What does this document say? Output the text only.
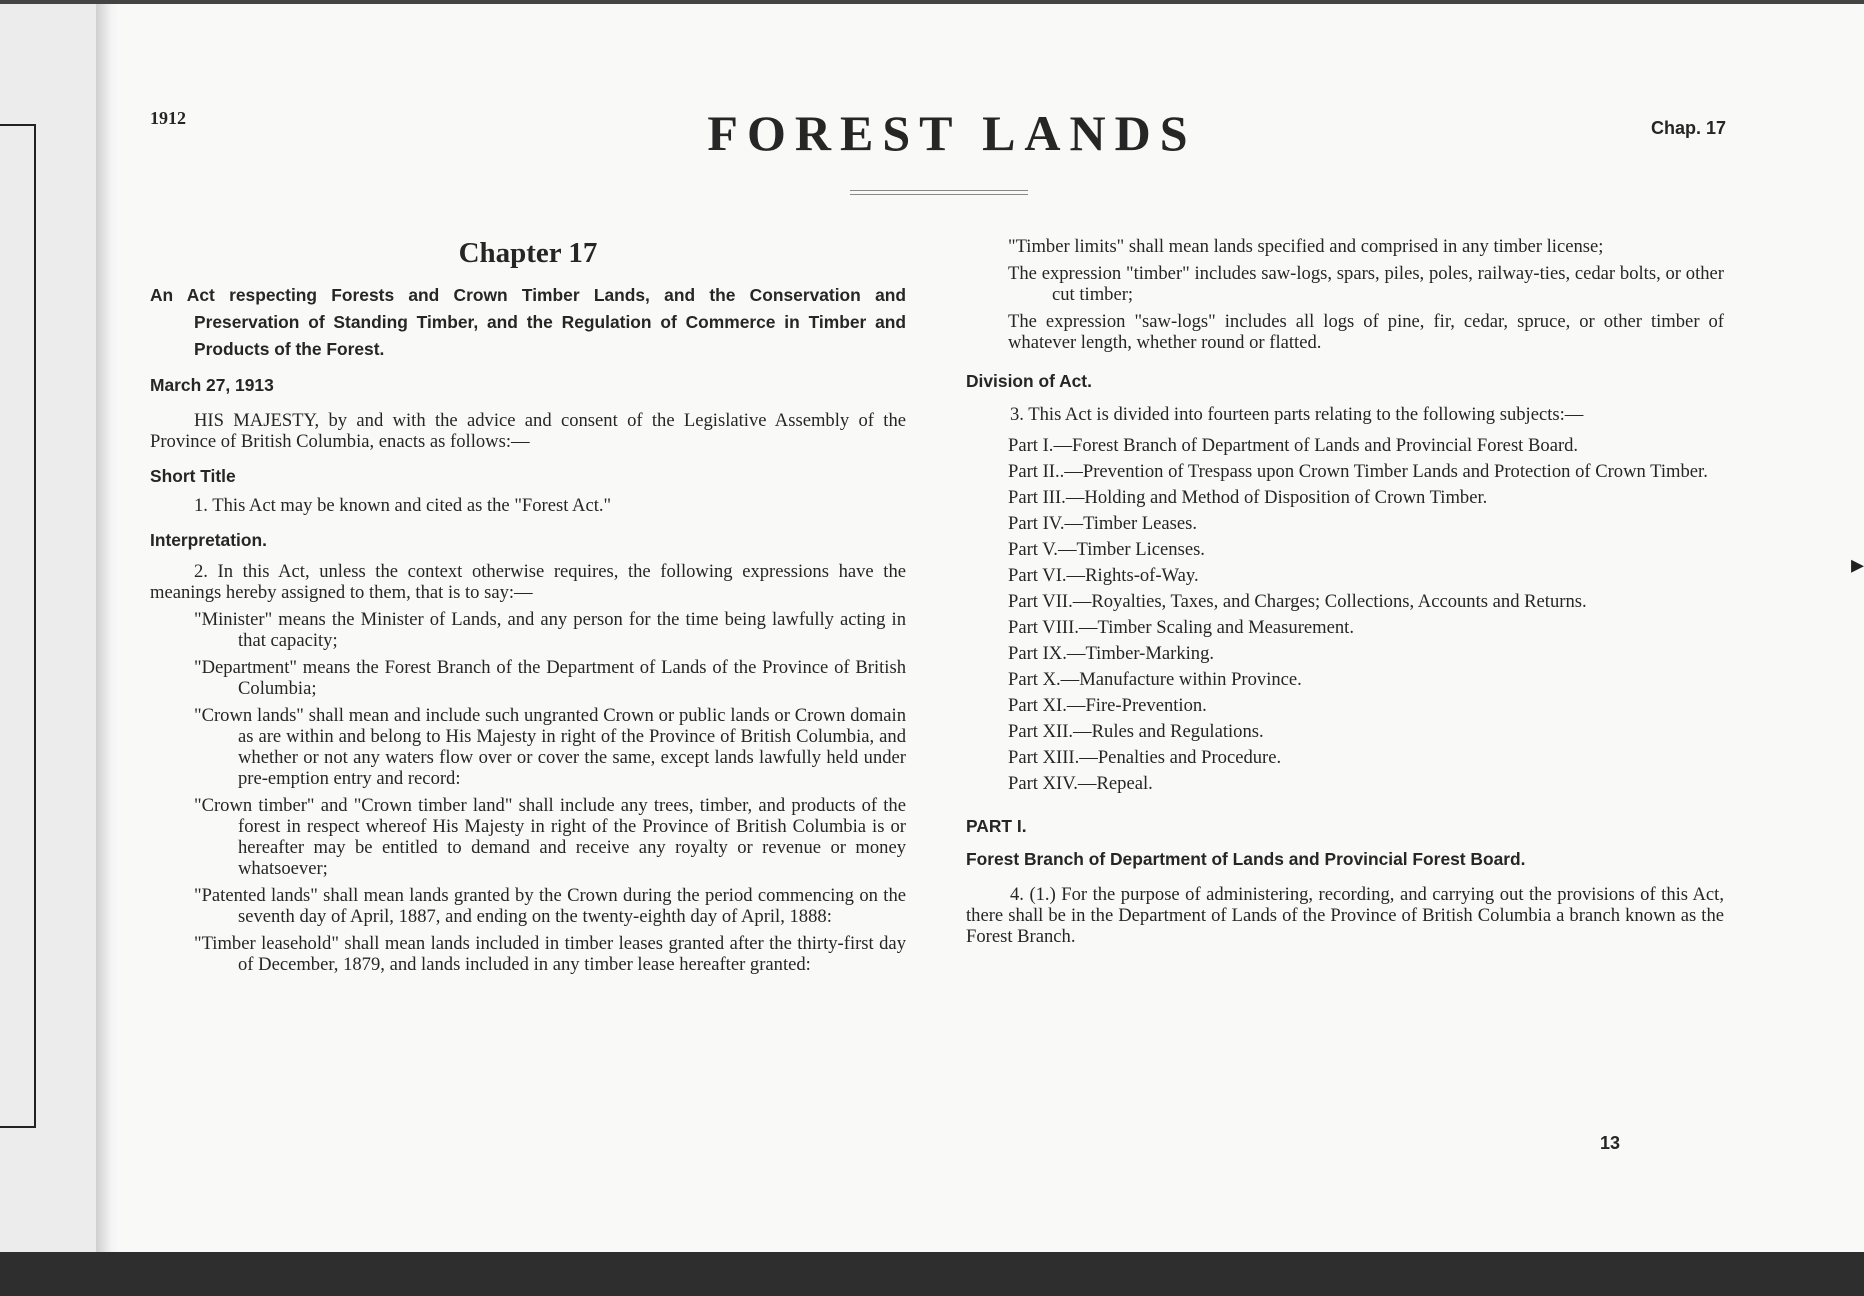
▸
1912	FOREST LANDS	Chap. 17

Chapter 17

An Act respecting Forests and Crown Timber Lands, and the Conservation and Preservation of Standing Timber, and the Regulation of Commerce in Timber and Products of the Forest.

March 27, 1913

HIS MAJESTY, by and with the advice and consent of the Legislative Assembly of the Province of British Columbia, enacts as follows:—

Short Title

1. This Act may be known and cited as the "Forest Act."

Interpretation.

2. In this Act, unless the context otherwise requires, the following expressions have the meanings hereby assigned to them, that is to say:—

"Minister" means the Minister of Lands, and any person for the time being lawfully acting in that capacity;

"Department" means the Forest Branch of the Department of Lands of the Province of British Columbia;

"Crown lands" shall mean and include such ungranted Crown or public lands or Crown domain as are within and belong to His Majesty in right of the Province of British Columbia, and whether or not any waters flow over or cover the same, except lands lawfully held under pre-emption entry and record:

"Crown timber" and "Crown timber land" shall include any trees, timber, and products of the forest in respect whereof His Majesty in right of the Province of British Columbia is or hereafter may be entitled to demand and receive any royalty or revenue or money whatsoever;

"Patented lands" shall mean lands granted by the Crown during the period commencing on the seventh day of April, 1887, and ending on the twenty-eighth day of April, 1888:

"Timber leasehold" shall mean lands included in timber leases granted after the thirty-first day of December, 1879, and lands included in any timber lease hereafter granted:

"Timber limits" shall mean lands specified and comprised in any timber license;

The expression "timber" includes saw-logs, spars, piles, poles, railway-ties, cedar bolts, or other cut timber;

The expression "saw-logs" includes all logs of pine, fir, cedar, spruce, or other timber of whatever length, whether round or flatted.

Division of Act.

3. This Act is divided into fourteen parts relating to the following subjects:—

Part I.—Forest Branch of Department of Lands and Provincial Forest Board.

Part II..—Prevention of Trespass upon Crown Timber Lands and Protection of Crown Timber.

Part III.—Holding and Method of Disposition of Crown Timber.

Part IV.—Timber Leases.

Part V.—Timber Licenses.

Part VI.—Rights-of-Way.

Part VII.—Royalties, Taxes, and Charges; Collections, Accounts and Returns.

Part VIII.—Timber Scaling and Measurement.

Part IX.—Timber-Marking.

Part X.—Manufacture within Province.

Part XI.—Fire-Prevention.

Part XII.—Rules and Regulations.

Part XIII.—Penalties and Procedure.

Part XIV.—Repeal.

PART I.

Forest Branch of Department of Lands and Provincial Forest Board.

4. (1.) For the purpose of administering, recording, and carrying out the provisions of this Act, there shall be in the Department of Lands of the Province of British Columbia a branch known as the Forest Branch.

13
